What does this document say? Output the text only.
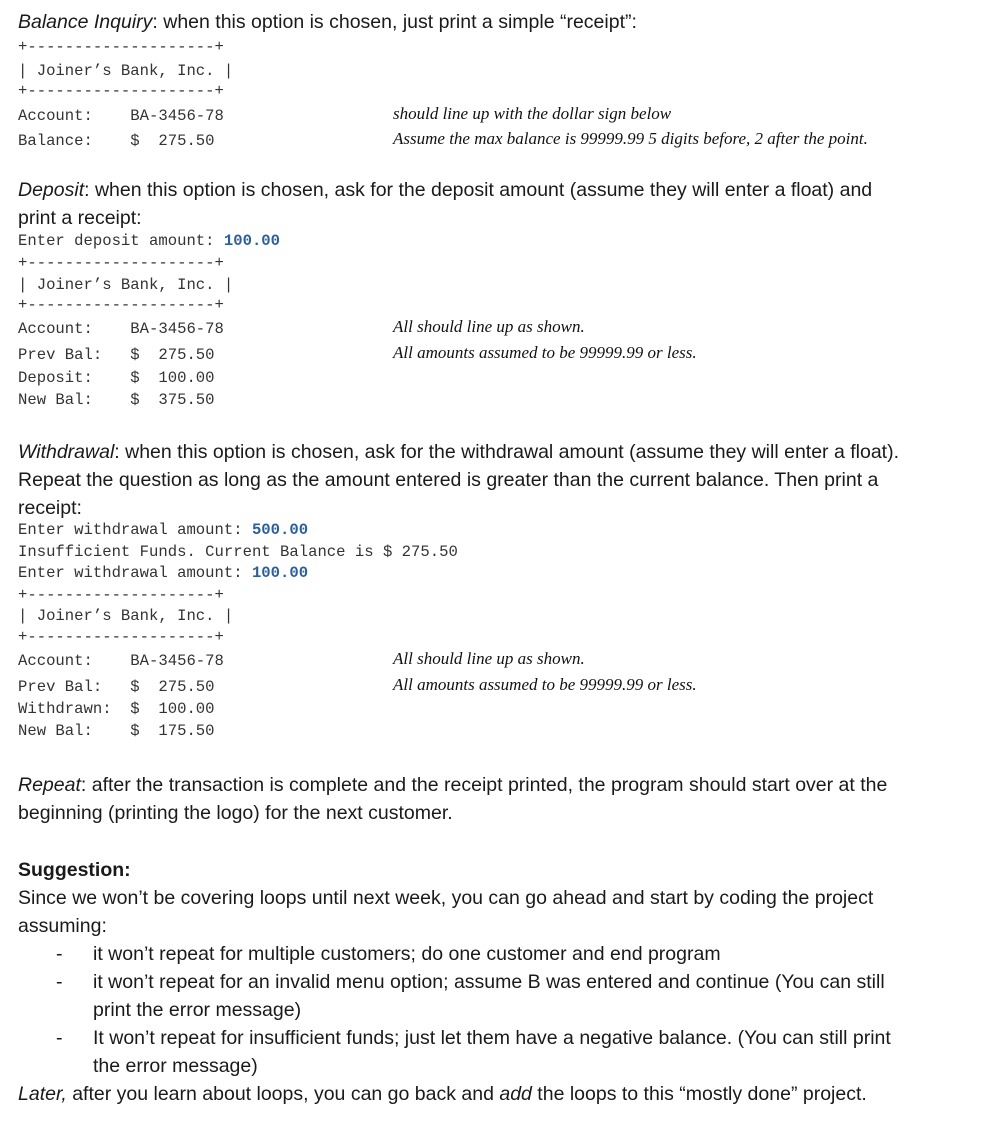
Balance Inquiry: when this option is chosen, just print a simple “receipt”:
+--------------------+
| Joiner’s Bank, Inc. |
+--------------------+
Account:    BA-3456-78
Balance:    $  275.50
should line up with the dollar sign below
Assume the max balance is 99999.99 5 digits before, 2 after the point.
Deposit: when this option is chosen, ask for the deposit amount (assume they will enter a float) and
print a receipt:
Enter deposit amount: 100.00
+--------------------+
| Joiner’s Bank, Inc. |
+--------------------+
Account:    BA-3456-78
Prev Bal:   $  275.50
Deposit:    $  100.00
New Bal:    $  375.50
All should line up as shown.
All amounts assumed to be 99999.99 or less.
Withdrawal: when this option is chosen, ask for the withdrawal amount (assume they will enter a float).
Repeat the question as long as the amount entered is greater than the current balance. Then print a
receipt:
Enter withdrawal amount: 500.00
Insufficient Funds. Current Balance is $ 275.50
Enter withdrawal amount: 100.00
+--------------------+
| Joiner’s Bank, Inc. |
+--------------------+
Account:    BA-3456-78
Prev Bal:   $  275.50
Withdrawn:  $  100.00
New Bal:    $  175.50
All should line up as shown.
All amounts assumed to be 99999.99 or less.
Repeat: after the transaction is complete and the receipt printed, the program should start over at the
beginning (printing the logo) for the next customer.
Suggestion:
Since we won’t be covering loops until next week, you can go ahead and start by coding the project
assuming:
- it won’t repeat for multiple customers; do one customer and end program
- it won’t repeat for an invalid menu option; assume B was entered and continue (You can still
print the error message)
- It won’t repeat for insufficient funds; just let them have a negative balance. (You can still print
the error message)
Later, after you learn about loops, you can go back and add the loops to this “mostly done” project.
